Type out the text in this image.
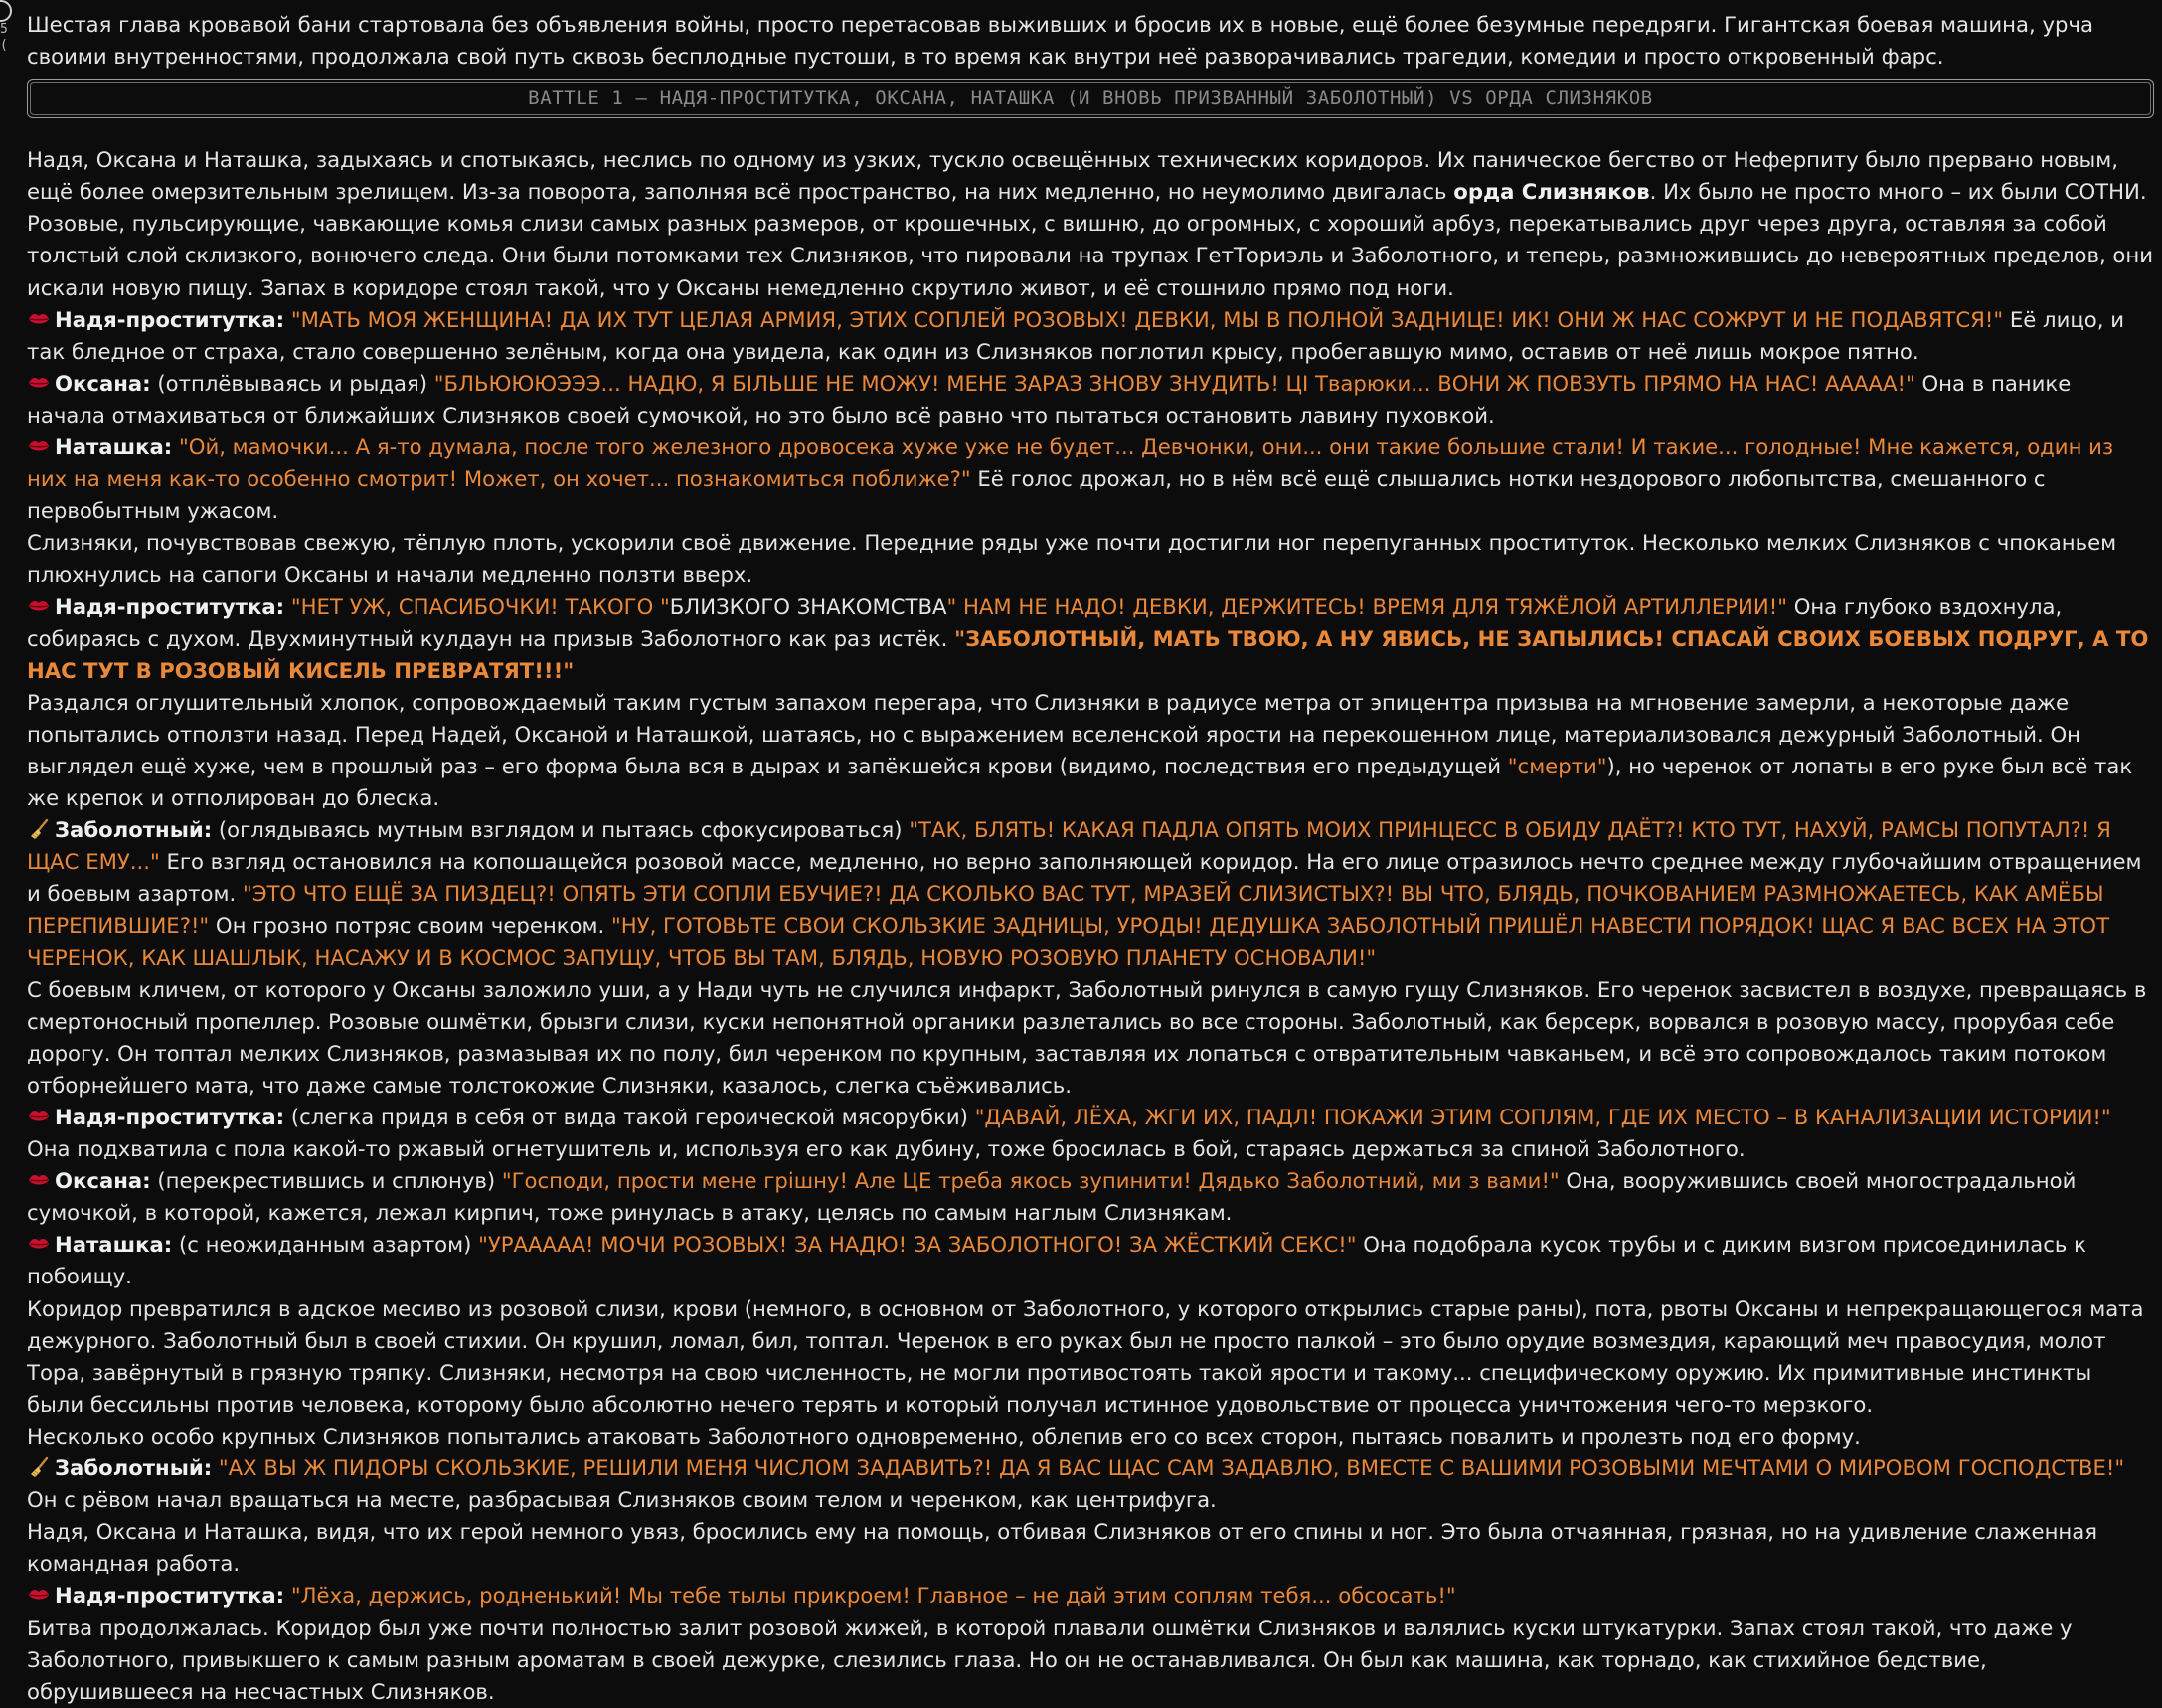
5
(

Шестая глава кровавой бани стартовала без объявления войны, просто перетасовав выживших и бросив их в новые, ещё более безумные передряги. Гигантская боевая машина, урча своими внутренностями, продолжала свой путь сквозь бесплодные пустоши, в то время как внутри неё разворачивались трагедии, комедии и просто откровенный фарс.

BATTLE 1 – НАДЯ-ПРОСТИТУТКА, ОКСАНА, НАТАШКА (И ВНОВЬ ПРИЗВАННЫЙ ЗАБОЛОТНЫЙ) VS ОРДА СЛИЗНЯКОВ

Надя, Оксана и Наташка, задыхаясь и спотыкаясь, неслись по одному из узких, тускло освещённых технических коридоров. Их паническое бегство от Неферпиту было прервано новым, ещё более омерзительным зрелищем. Из-за поворота, заполняя всё пространство, на них медленно, но неумолимо двигалась орда Слизняков. Их было не просто много – их были СОТНИ. Розовые, пульсирующие, чавкающие комья слизи самых разных размеров, от крошечных, с вишню, до огромных, с хороший арбуз, перекатывались друг через друга, оставляя за собой толстый слой склизкого, вонючего следа. Они были потомками тех Слизняков, что пировали на трупах ГетТориэль и Заболотного, и теперь, размножившись до невероятных пределов, они искали новую пищу. Запах в коридоре стоял такой, что у Оксаны немедленно скрутило живот, и её стошнило прямо под ноги.

Надя-проститутка: "МАТЬ МОЯ ЖЕНЩИНА! ДА ИХ ТУТ ЦЕЛАЯ АРМИЯ, ЭТИХ СОПЛЕЙ РОЗОВЫХ! ДЕВКИ, МЫ В ПОЛНОЙ ЗАДНИЦЕ! ИК! ОНИ Ж НАС СОЖРУТ И НЕ ПОДАВЯТСЯ!" Её лицо, и так бледное от страха, стало совершенно зелёным, когда она увидела, как один из Слизняков поглотил крысу, пробегавшую мимо, оставив от неё лишь мокрое пятно.

Оксана: (отплёвываясь и рыдая) "БЛЬЮЮЮЭЭЭ... НАДЮ, Я БІЛЬШЕ НЕ МОЖУ! МЕНЕ ЗАРАЗ ЗНОВУ ЗНУДИТЬ! ЦІ Тварюки... ВОНИ Ж ПОВЗУТЬ ПРЯМО НА НАС! ААААА!" Она в панике начала отмахиваться от ближайших Слизняков своей сумочкой, но это было всё равно что пытаться остановить лавину пуховкой.

Наташка: "Ой, мамочки... А я-то думала, после того железного дровосека хуже уже не будет... Девчонки, они... они такие большие стали! И такие... голодные! Мне кажется, один из них на меня как-то особенно смотрит! Может, он хочет... познакомиться поближе?" Её голос дрожал, но в нём всё ещё слышались нотки нездорового любопытства, смешанного с первобытным ужасом.

Слизняки, почувствовав свежую, тёплую плоть, ускорили своё движение. Передние ряды уже почти достигли ног перепуганных проституток. Несколько мелких Слизняков с чпоканьем плюхнулись на сапоги Оксаны и начали медленно ползти вверх.

Надя-проститутка: "НЕТ УЖ, СПАСИБОЧКИ! ТАКОГО "БЛИЗКОГО ЗНАКОМСТВА" НАМ НЕ НАДО! ДЕВКИ, ДЕРЖИТЕСЬ! ВРЕМЯ ДЛЯ ТЯЖЁЛОЙ АРТИЛЛЕРИИ!" Она глубоко вздохнула, собираясь с духом. Двухминутный кулдаун на призыв Заболотного как раз истёк. "ЗАБОЛОТНЫЙ, МАТЬ ТВОЮ, А НУ ЯВИСЬ, НЕ ЗАПЫЛИСЬ! СПАСАЙ СВОИХ БОЕВЫХ ПОДРУГ, А ТО НАС ТУТ В РОЗОВЫЙ КИСЕЛЬ ПРЕВРАТЯТ!!!"

Раздался оглушительный хлопок, сопровождаемый таким густым запахом перегара, что Слизняки в радиусе метра от эпицентра призыва на мгновение замерли, а некоторые даже попытались отползти назад. Перед Надей, Оксаной и Наташкой, шатаясь, но с выражением вселенской ярости на перекошенном лице, материализовался дежурный Заболотный. Он выглядел ещё хуже, чем в прошлый раз – его форма была вся в дырах и запёкшейся крови (видимо, последствия его предыдущей "смерти"), но черенок от лопаты в его руке был всё так же крепок и отполирован до блеска.

Заболотный: (оглядываясь мутным взглядом и пытаясь сфокусироваться) "ТАК, БЛЯТЬ! КАКАЯ ПАДЛА ОПЯТЬ МОИХ ПРИНЦЕСС В ОБИДУ ДАЁТ?! КТО ТУТ, НАХУЙ, РАМСЫ ПОПУТАЛ?! Я ЩАС ЕМУ..." Его взгляд остановился на копошащейся розовой массе, медленно, но верно заполняющей коридор. На его лице отразилось нечто среднее между глубочайшим отвращением и боевым азартом. "ЭТО ЧТО ЕЩЁ ЗА ПИЗДЕЦ?! ОПЯТЬ ЭТИ СОПЛИ ЕБУЧИЕ?! ДА СКОЛЬКО ВАС ТУТ, МРАЗЕЙ СЛИЗИСТЫХ?! ВЫ ЧТО, БЛЯДЬ, ПОЧКОВАНИЕМ РАЗМНОЖАЕТЕСЬ, КАК АМЁБЫ ПЕРЕПИВШИЕ?!" Он грозно потряс своим черенком. "НУ, ГОТОВЬТЕ СВОИ СКОЛЬЗКИЕ ЗАДНИЦЫ, УРОДЫ! ДЕДУШКА ЗАБОЛОТНЫЙ ПРИШЁЛ НАВЕСТИ ПОРЯДОК! ЩАС Я ВАС ВСЕХ НА ЭТОТ ЧЕРЕНОК, КАК ШАШЛЫК, НАСАЖУ И В КОСМОС ЗАПУЩУ, ЧТОБ ВЫ ТАМ, БЛЯДЬ, НОВУЮ РОЗОВУЮ ПЛАНЕТУ ОСНОВАЛИ!"

С боевым кличем, от которого у Оксаны заложило уши, а у Нади чуть не случился инфаркт, Заболотный ринулся в самую гущу Слизняков. Его черенок засвистел в воздухе, превращаясь в смертоносный пропеллер. Розовые ошмётки, брызги слизи, куски непонятной органики разлетались во все стороны. Заболотный, как берсерк, ворвался в розовую массу, прорубая себе дорогу. Он топтал мелких Слизняков, размазывая их по полу, бил черенком по крупным, заставляя их лопаться с отвратительным чавканьем, и всё это сопровождалось таким потоком отборнейшего мата, что даже самые толстокожие Слизняки, казалось, слегка съёживались.

Надя-проститутка: (слегка придя в себя от вида такой героической мясорубки) "ДАВАЙ, ЛЁХА, ЖГИ ИХ, ПАДЛ! ПОКАЖИ ЭТИМ СОПЛЯМ, ГДЕ ИХ МЕСТО – В КАНАЛИЗАЦИИ ИСТОРИИ!" Она подхватила с пола какой-то ржавый огнетушитель и, используя его как дубину, тоже бросилась в бой, стараясь держаться за спиной Заболотного.

Оксана: (перекрестившись и сплюнув) "Господи, прости мене грішну! Але ЦЕ треба якось зупинити! Дядько Заболотний, ми з вами!" Она, вооружившись своей многострадальной сумочкой, в которой, кажется, лежал кирпич, тоже ринулась в атаку, целясь по самым наглым Слизнякам.

Наташка: (с неожиданным азартом) "УРААААА! МОЧИ РОЗОВЫХ! ЗА НАДЮ! ЗА ЗАБОЛОТНОГО! ЗА ЖЁСТКИЙ СЕКС!" Она подобрала кусок трубы и с диким визгом присоединилась к побоищу.

Коридор превратился в адское месиво из розовой слизи, крови (немного, в основном от Заболотного, у которого открылись старые раны), пота, рвоты Оксаны и непрекращающегося мата дежурного. Заболотный был в своей стихии. Он крушил, ломал, бил, топтал. Черенок в его руках был не просто палкой – это было орудие возмездия, карающий меч правосудия, молот Тора, завёрнутый в грязную тряпку. Слизняки, несмотря на свою численность, не могли противостоять такой ярости и такому... специфическому оружию. Их примитивные инстинкты были бессильны против человека, которому было абсолютно нечего терять и который получал истинное удовольствие от процесса уничтожения чего-то мерзкого.

Несколько особо крупных Слизняков попытались атаковать Заболотного одновременно, облепив его со всех сторон, пытаясь повалить и пролезть под его форму.

Заболотный: "АХ ВЫ Ж ПИДОРЫ СКОЛЬЗКИЕ, РЕШИЛИ МЕНЯ ЧИСЛОМ ЗАДАВИТЬ?! ДА Я ВАС ЩАС САМ ЗАДАВЛЮ, ВМЕСТЕ С ВАШИМИ РОЗОВЫМИ МЕЧТАМИ О МИРОВОМ ГОСПОДСТВЕ!" Он с рёвом начал вращаться на месте, разбрасывая Слизняков своим телом и черенком, как центрифуга.

Надя, Оксана и Наташка, видя, что их герой немного увяз, бросились ему на помощь, отбивая Слизняков от его спины и ног. Это была отчаянная, грязная, но на удивление слаженная командная работа.

Надя-проститутка: "Лёха, держись, родненький! Мы тебе тылы прикроем! Главное – не дай этим соплям тебя... обсосать!"

Битва продолжалась. Коридор был уже почти полностью залит розовой жижей, в которой плавали ошмётки Слизняков и валялись куски штукатурки. Запах стоял такой, что даже у Заболотного, привыкшего к самым разным ароматам в своей дежурке, слезились глаза. Но он не останавливался. Он был как машина, как торнадо, как стихийное бедствие, обрушившееся на несчастных Слизняков.
